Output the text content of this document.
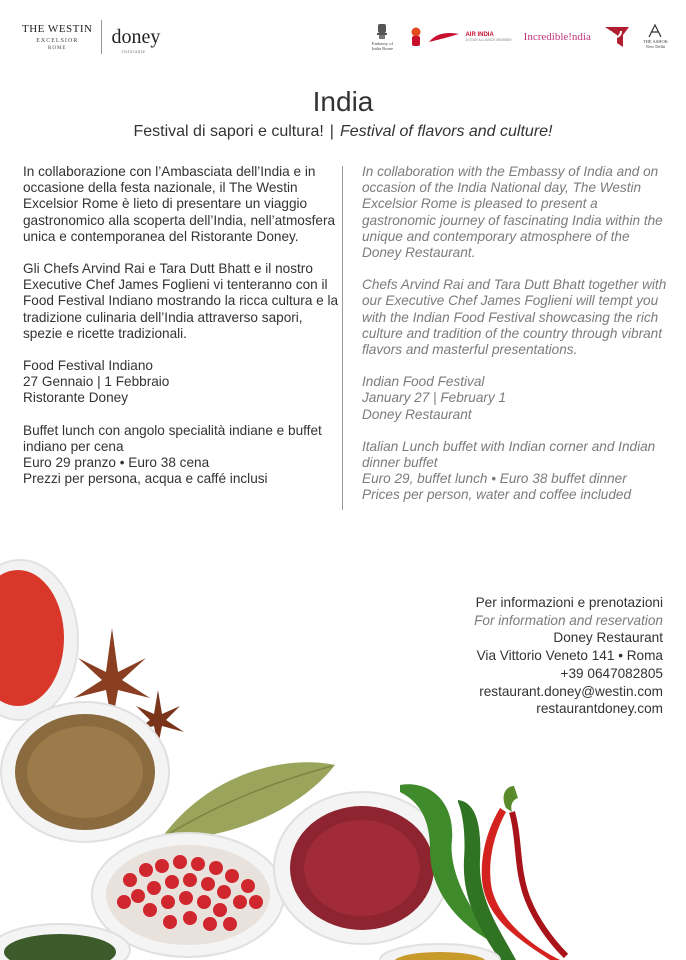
THE WESTIN
EXCELSIOR
ROME
doney
ristorante
Embassy of India Rome
AIR INDIA
A STAR ALLIANCE MEMBER Incredible!ndia	THE ASHOK
New Delhi
India
Festival di sapori e cultura! | Festival of flavors and culture!

In collaborazione con l’Ambasciata dell’India e in occasione della festa nazionale, il The Westin Excelsior Rome è lieto di presentare un viaggio gastronomico alla scoperta dell’India, nell’atmosfera unica e contemporanea del Ristorante Doney.

Gli Chefs Arvind Rai e Tara Dutt Bhatt e il nostro Executive Chef James Foglieni vi tenteranno con il Food Festival Indiano mostrando la ricca cultura e la tradizione culinaria dell’India attraverso sapori, spezie e ricette tradizionali.

Food Festival Indiano
27 Gennaio | 1 Febbraio
Ristorante Doney

Buffet lunch con angolo specialità indiane e buffet indiano per cena
Euro 29 pranzo • Euro 38 cena
Prezzi per persona, acqua e caffé inclusi

In collaboration with the Embassy of India and on occasion of the India National day, The Westin Excelsior Rome is pleased to present a gastronomic journey of fascinating India within the unique and contemporary atmosphere of the Doney Restaurant.

Chefs Arvind Rai and Tara Dutt Bhatt together with our Executive Chef James Foglieni will tempt you with the Indian Food Festival showcasing the rich culture and tradition of the country through vibrant flavors and masterful presentations.

Indian Food Festival
January 27 | February 1
Doney Restaurant

Italian Lunch buffet with Indian corner and Indian dinner buffet
Euro 29, buffet lunch • Euro 38 buffet dinner
Prices per person, water and coffee included

Per informazioni e prenotazioni
For information and reservation
Doney Restaurant
Via Vittorio Veneto 141 • Roma
+39 0647082805
restaurant.doney@westin.com
restaurantdoney.com
